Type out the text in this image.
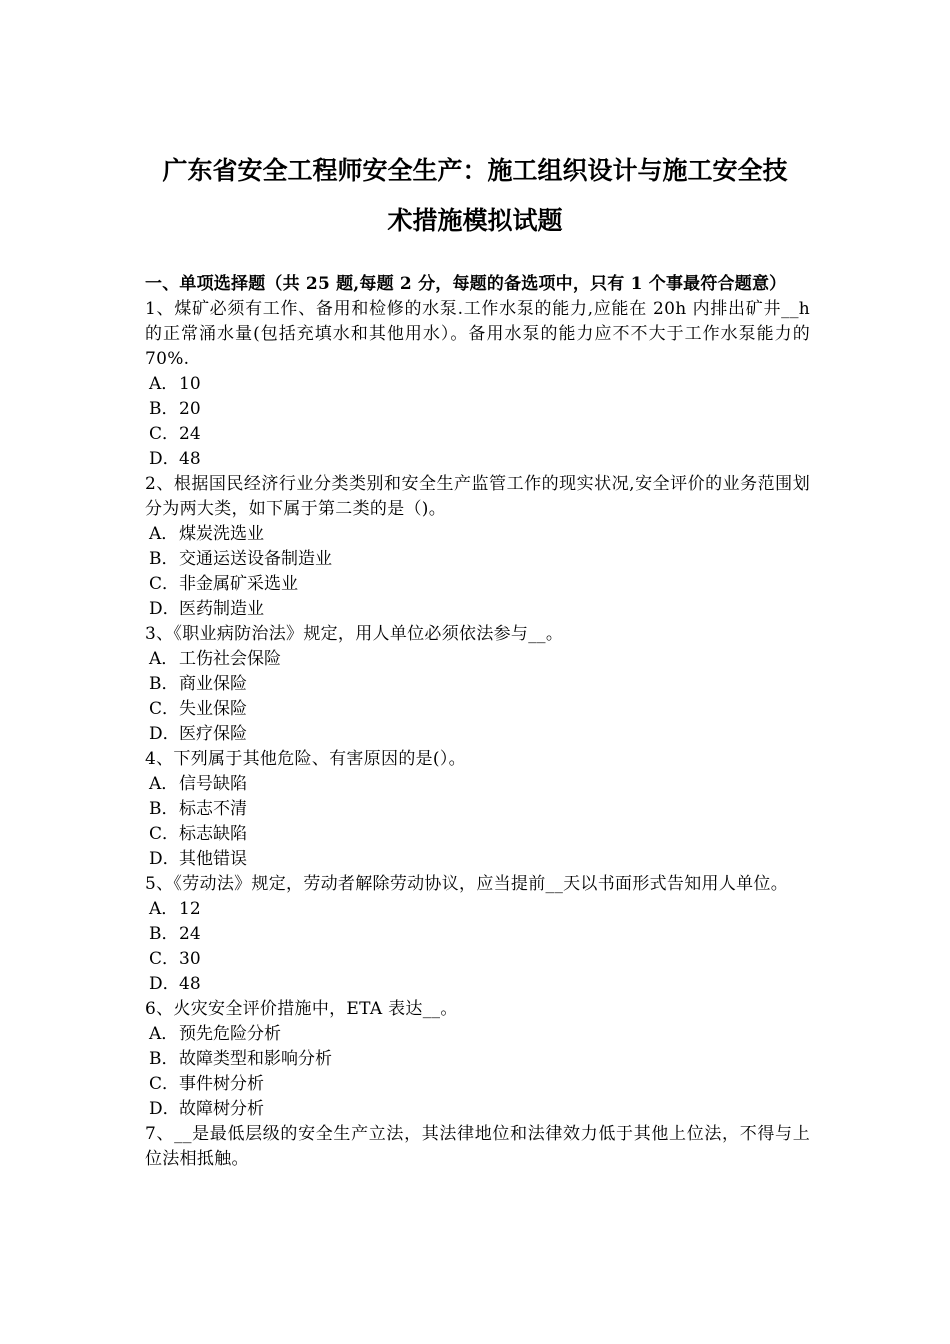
广东省安全工程师安全生产：施工组织设计与施工安全技
术措施模拟试题
一、单项选择题（共 25 题,每题 2 分，每题的备选项中，只有 1 个事最符合题意）
1、煤矿必须有工作、备用和检修的水泵.工作水泵的能力,应能在 20h 内排出矿井__h 的正常涌水量(包括充填水和其他用水）。备用水泵的能力应不不大于工作水泵能力的 70%.
A．10
B．20
C．24
D．48
2、根据国民经济行业分类类别和安全生产监管工作的现实状况,安全评价的业务范围划分为两大类，如下属于第二类的是（)。
A．煤炭洗选业
B．交通运送设备制造业
C．非金属矿采选业
D．医药制造业
3、《职业病防治法》规定，用人单位必须依法参与__。
A．工伤社会保险
B．商业保险
C．失业保险
D．医疗保险
4、下列属于其他危险、有害原因的是(）。
A．信号缺陷
B．标志不清
C．标志缺陷
D．其他错误
5、《劳动法》规定，劳动者解除劳动协议，应当提前__天以书面形式告知用人单位。
A．12
B．24
C．30
D．48
6、火灾安全评价措施中，ETA 表达__。
A．预先危险分析
B．故障类型和影响分析
C．事件树分析
D．故障树分析
7、__是最低层级的安全生产立法，其法律地位和法律效力低于其他上位法，不得与上位法相抵触。
